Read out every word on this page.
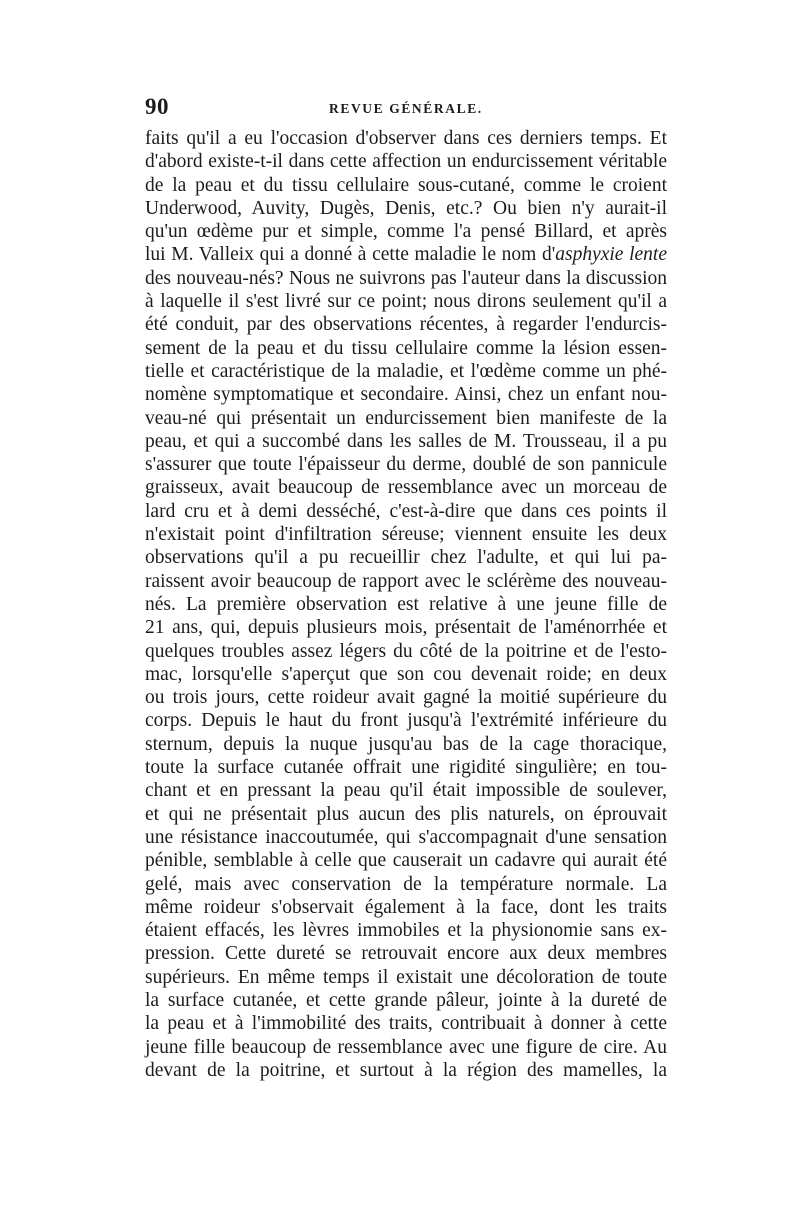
90	REVUE GÉNÉRALE.
faits qu'il a eu l'occasion d'observer dans ces derniers temps. Et
d'abord existe-t-il dans cette affection un endurcissement véritable
de la peau et du tissu cellulaire sous-cutané, comme le croient
Underwood, Auvity, Dugès, Denis, etc.? Ou bien n'y aurait-il
qu'un œdème pur et simple, comme l'a pensé Billard, et après
lui M. Valleix qui a donné à cette maladie le nom d'asphyxie lente
des nouveau-nés? Nous ne suivrons pas l'auteur dans la discussion
à laquelle il s'est livré sur ce point; nous dirons seulement qu'il a
été conduit, par des observations récentes, à regarder l'endurcis-
sement de la peau et du tissu cellulaire comme la lésion essen-
tielle et caractéristique de la maladie, et l'œdème comme un phé-
nomène symptomatique et secondaire. Ainsi, chez un enfant nou-
veau-né qui présentait un endurcissement bien manifeste de la
peau, et qui a succombé dans les salles de M. Trousseau, il a pu
s'assurer que toute l'épaisseur du derme, doublé de son pannicule
graisseux, avait beaucoup de ressemblance avec un morceau de
lard cru et à demi desséché, c'est-à-dire que dans ces points il
n'existait point d'infiltration séreuse; viennent ensuite les deux
observations qu'il a pu recueillir chez l'adulte, et qui lui pa-
raissent avoir beaucoup de rapport avec le sclérème des nouveau-
nés. La première observation est relative à une jeune fille de
21 ans, qui, depuis plusieurs mois, présentait de l'aménorrhée et
quelques troubles assez légers du côté de la poitrine et de l'esto-
mac, lorsqu'elle s'aperçut que son cou devenait roide; en deux
ou trois jours, cette roideur avait gagné la moitié supérieure du
corps. Depuis le haut du front jusqu'à l'extrémité inférieure du
sternum, depuis la nuque jusqu'au bas de la cage thoracique,
toute la surface cutanée offrait une rigidité singulière; en tou-
chant et en pressant la peau qu'il était impossible de soulever,
et qui ne présentait plus aucun des plis naturels, on éprouvait
une résistance inaccoutumée, qui s'accompagnait d'une sensation
pénible, semblable à celle que causerait un cadavre qui aurait été
gelé, mais avec conservation de la température normale. La
même roideur s'observait également à la face, dont les traits
étaient effacés, les lèvres immobiles et la physionomie sans ex-
pression. Cette dureté se retrouvait encore aux deux membres
supérieurs. En même temps il existait une décoloration de toute
la surface cutanée, et cette grande pâleur, jointe à la dureté de
la peau et à l'immobilité des traits, contribuait à donner à cette
jeune fille beaucoup de ressemblance avec une figure de cire. Au
devant de la poitrine, et surtout à la région des mamelles, la
